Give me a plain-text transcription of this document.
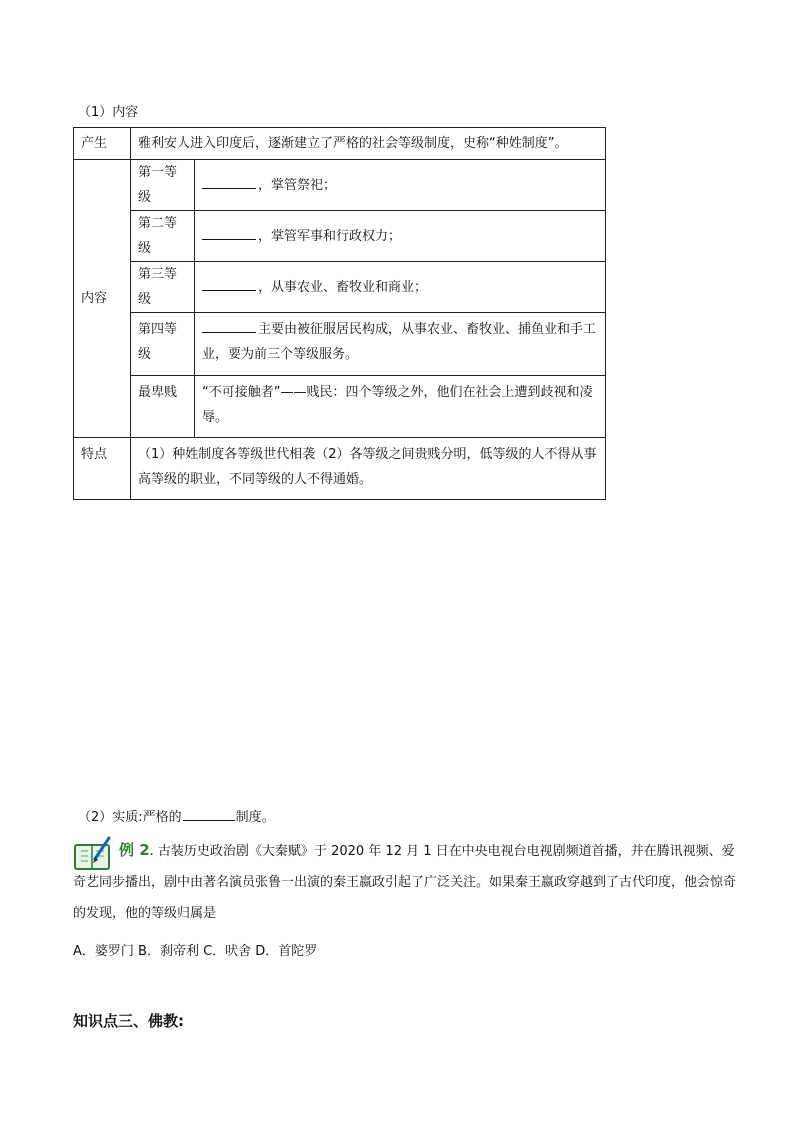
（1）内容
产生	雅利安人进入印度后，逐渐建立了严格的社会等级制度，史称“种姓制度”。	
内容	第一等级	，掌管祭祀；
	第二等级	，掌管军事和行政权力；
	第三等级	，从事农业、畜牧业和商业；
	第四等级	主要由被征服居民构成，从事农业、畜牧业、捕鱼业和手工业，要为前三个等级服务。
	最卑贱	“不可接触者”——贱民：四个等级之外，他们在社会上遭到歧视和凌辱。
特点	（1）种姓制度各等级世代相袭（2）各等级之间贵贱分明，低等级的人不得从事高等级的职业，不同等级的人不得通婚。	
（2）实质:严格的	制度。

例 2. 古装历史政治剧《大秦赋》于 2020 年 12 月 1 日在中央电视台电视剧频道首播，并在腾讯视频、爱奇艺同步播出，剧中由著名演员张鲁一出演的秦王嬴政引起了广泛关注。如果秦王嬴政穿越到了古代印度，他会惊奇的发现，他的等级归属是

A．婆罗门 B．刹帝利 C．吠舍 D．首陀罗
知识点三、佛教:
